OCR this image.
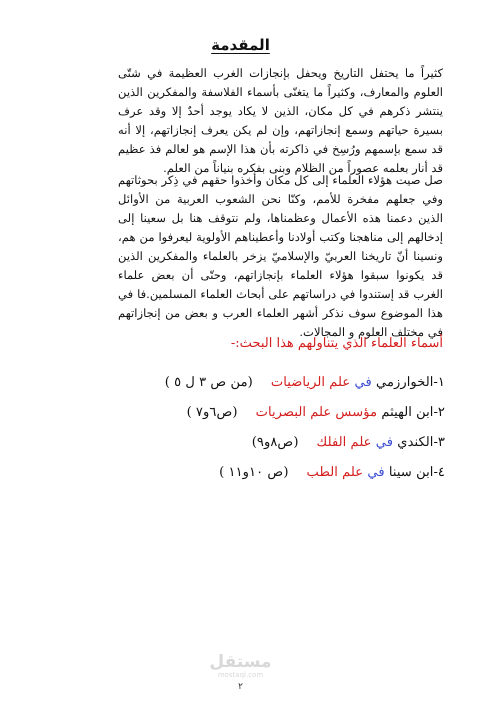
المقدمة

كثيراً ما يحتفل التاريخ ويحفل بإنجازات الغرب العظيمة في شتّى العلوم والمعارف، وكثيراً ما يتغنّى بأسماء الفلاسفة والمفكرين الذين ينتشر ذكرهم في كل مكان، الذين لا يكاد يوجد أحدٌ إلا وقد عرف بسيرة حياتهم وسمع إنجازاتهم، وإن لم يكن يعرف إنجازاتهم، إلا أنه قد سمع بإسمهم ورُسِخ في ذاكرته بأن هذا الإسم هو لعالم فذ عظيم قد أنار بعلمه عصوراً من الظلام وبنى بفكره بنياناً من العلم.

صل صيت هؤلاء العلماء إلى كل مكان وأخذوا حقهم في ذِكر بحوثاتهم وفي جعلهم مفخرة للأمم، وكنّا نحن الشعوب العربية من الأوائل الذين دعمنا هذه الأعمال وعظمناها، ولم نتوقف هنا بل سعينا إلى إدخالهم إلى مناهجنا وكتب أولادنا وأعطيناهم الأولوية ليعرفوا من هم، ونسينا أنّ تاريخنا العربيّ والإسلاميّ يزخر بالعلماء والمفكرين الذين قد يكونوا سبقوا هؤلاء العلماء بإنجازاتهم، وحتّى أن بعض علماء الغرب قد إستندوا في دراساتهم على أبحاث العلماء المسلمين.فا في هذا الموضوع سوف نذكر أشهر العلماء العرب و بعض من إنجازاتهم في مختلف العلوم و المجالات.

أسماء العلماء الذي يتناولهم هذا البحث:-
١-الخوارزمي في علم الرياضيات(من ص ٣ ل ٥ )
٢-ابن الهيثم مؤسس علم البصريات(ص٦و٧ )
٣-الكندي في علم الفلك(ص٨و٩)
٤-ابن سينا في علم الطب(ص ١٠و١١ )
مستقل
mostaql.com
٢
